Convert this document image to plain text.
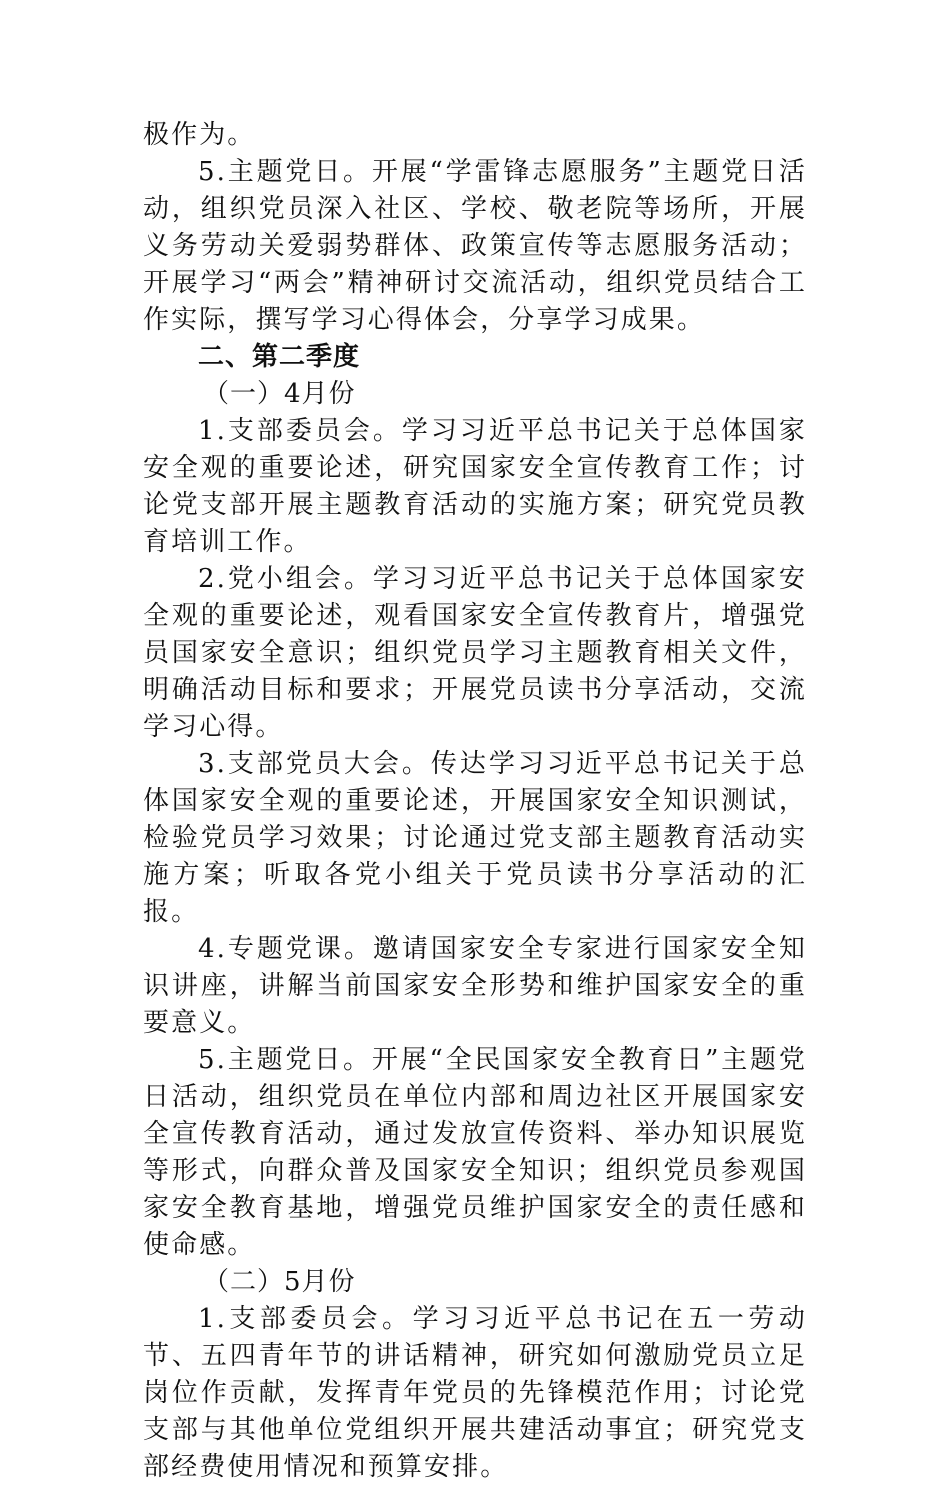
极作为。

5.主题党日。开展“学雷锋志愿服务”主题党日活动，组织党员深入社区、学校、敬老院等场所，开展义务劳动关爱弱势群体、政策宣传等志愿服务活动；开展学习“两会”精神研讨交流活动，组织党员结合工作实际，撰写学习心得体会，分享学习成果。

二、第二季度

（一）4月份

1.支部委员会。学习习近平总书记关于总体国家安全观的重要论述，研究国家安全宣传教育工作；讨论党支部开展主题教育活动的实施方案；研究党员教育培训工作。

2.党小组会。学习习近平总书记关于总体国家安全观的重要论述，观看国家安全宣传教育片，增强党员国家安全意识；组织党员学习主题教育相关文件，明确活动目标和要求；开展党员读书分享活动，交流学习心得。

3.支部党员大会。传达学习习近平总书记关于总体国家安全观的重要论述，开展国家安全知识测试，检验党员学习效果；讨论通过党支部主题教育活动实施方案；听取各党小组关于党员读书分享活动的汇报。

4.专题党课。邀请国家安全专家进行国家安全知识讲座，讲解当前国家安全形势和维护国家安全的重要意义。

5.主题党日。开展“全民国家安全教育日”主题党日活动，组织党员在单位内部和周边社区开展国家安全宣传教育活动，通过发放宣传资料、举办知识展览等形式，向群众普及国家安全知识；组织党员参观国家安全教育基地，增强党员维护国家安全的责任感和使命感。

（二）5月份

1.支部委员会。学习习近平总书记在五一劳动节、五四青年节的讲话精神，研究如何激励党员立足岗位作贡献，发挥青年党员的先锋模范作用；讨论党支部与其他单位党组织开展共建活动事宜；研究党支部经费使用情况和预算安排。
